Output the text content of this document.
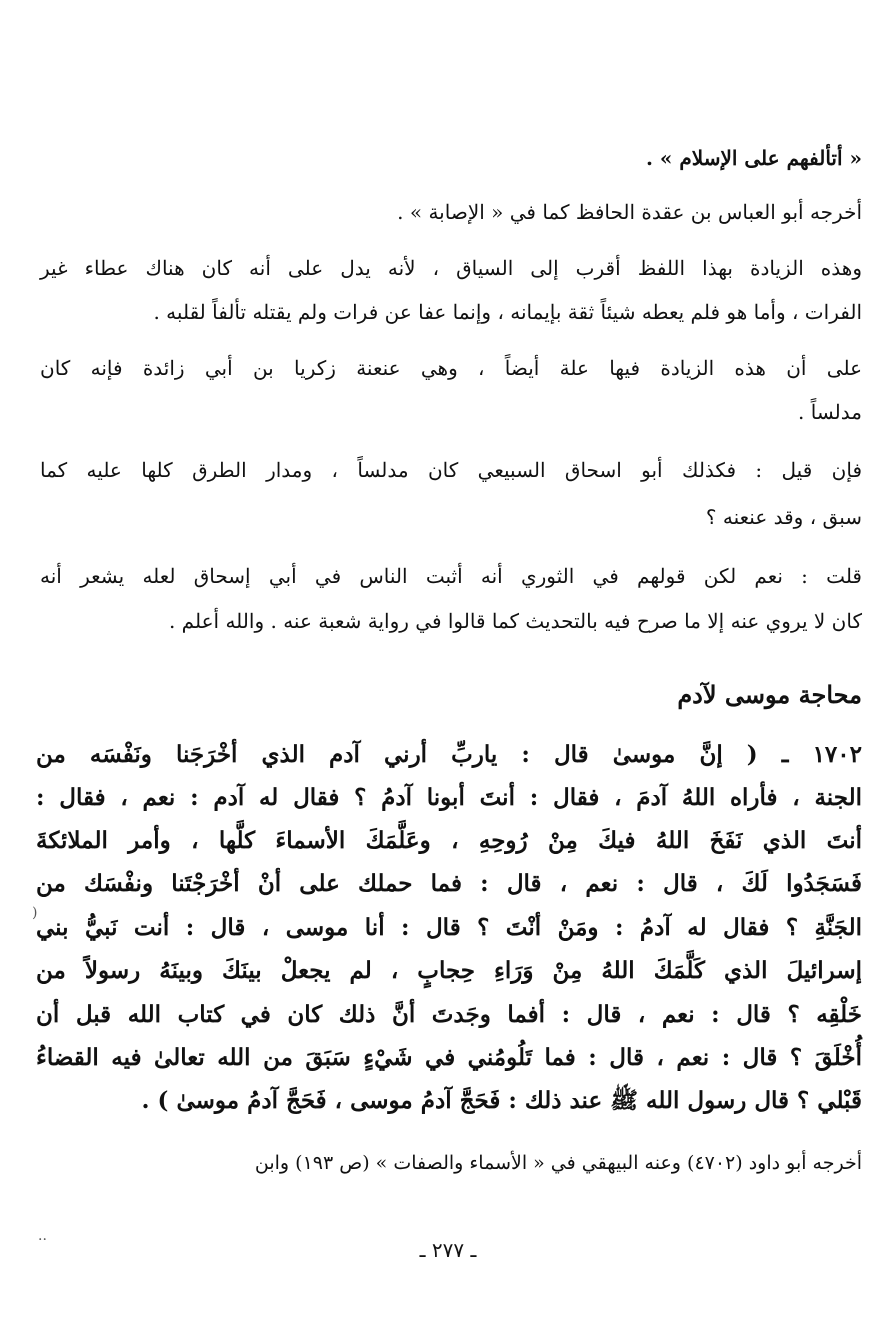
« أتألفهم على الإسلام » .
أخرجه أبو العباس بن عقدة الحافظ كما في « الإصابة » .
وهذه الزيادة بهذا اللفظ أقرب إلى السياق ، لأنه يدل على أنه كان هناك عطاء غير
الفرات ، وأما هو فلم يعطه شيئاً ثقة بإيمانه ، وإنما عفا عن فرات ولم يقتله تألفاً لقلبه .
على أن هذه الزيادة فيها علة أيضاً ، وهي عنعنة زكريا بن أبي زائدة فإنه كان
مدلساً .
فإن قيل : فكذلك أبو اسحاق السبيعي كان مدلساً ، ومدار الطرق كلها عليه كما
سبق ، وقد عنعنه ؟
قلت : نعم لكن قولهم في الثوري أنه أثبت الناس في أبي إسحاق لعله يشعر أنه
كان لا يروي عنه إلا ما صرح فيه بالتحديث كما قالوا في رواية شعبة عنه . والله أعلم .
محاجة موسى لآدم
١٧٠٢ ـ ( إنَّ موسىٰ قال : ياربِّ أرني آدم الذي أخْرَجَنا ونَفْسَه من
الجنة ، فأراه اللهُ آدمَ ، فقال : أنتَ أبونا آدمُ ؟ فقال له آدم : نعم ، فقال :
أنتَ الذي نَفَخَ اللهُ فيكَ مِنْ رُوحِهِ ، وعَلَّمَكَ الأسماءَ كلَّها ، وأمر الملائكةَ
فَسَجَدُوا لَكَ ، قال : نعم ، قال : فما حملك على أنْ أخْرَجْتَنا ونفْسَك من
الجَنَّةِ ؟ فقال له آدمُ : ومَنْ أنْتَ ؟ قال : أنا موسى ، قال : أنت نَبيُّ بني
إسرائيلَ الذي كَلَّمَكَ اللهُ مِنْ وَرَاءِ حِجابٍ ، لم يجعلْ بينَكَ وبينَهُ رسولاً من
خَلْقِه ؟ قال : نعم ، قال : أفما وجَدتَ أنَّ ذلك كان في كتاب الله قبل أن
أُخْلَقَ ؟ قال : نعم ، قال : فما تَلُومُني في شَيْءٍ سَبَقَ من الله تعالىٰ فيه القضاءُ
قَبْلي ؟ قال رسول الله ﷺ عند ذلك : فَحَجَّ آدمُ موسى ، فَحَجَّ آدمُ موسىٰ ) .
أخرجه أبو داود (٤٧٠٢) وعنه البيهقي في « الأسماء والصفات » (ص ١٩٣) وابن
ـ ٢٧٧ ـ
(
··
